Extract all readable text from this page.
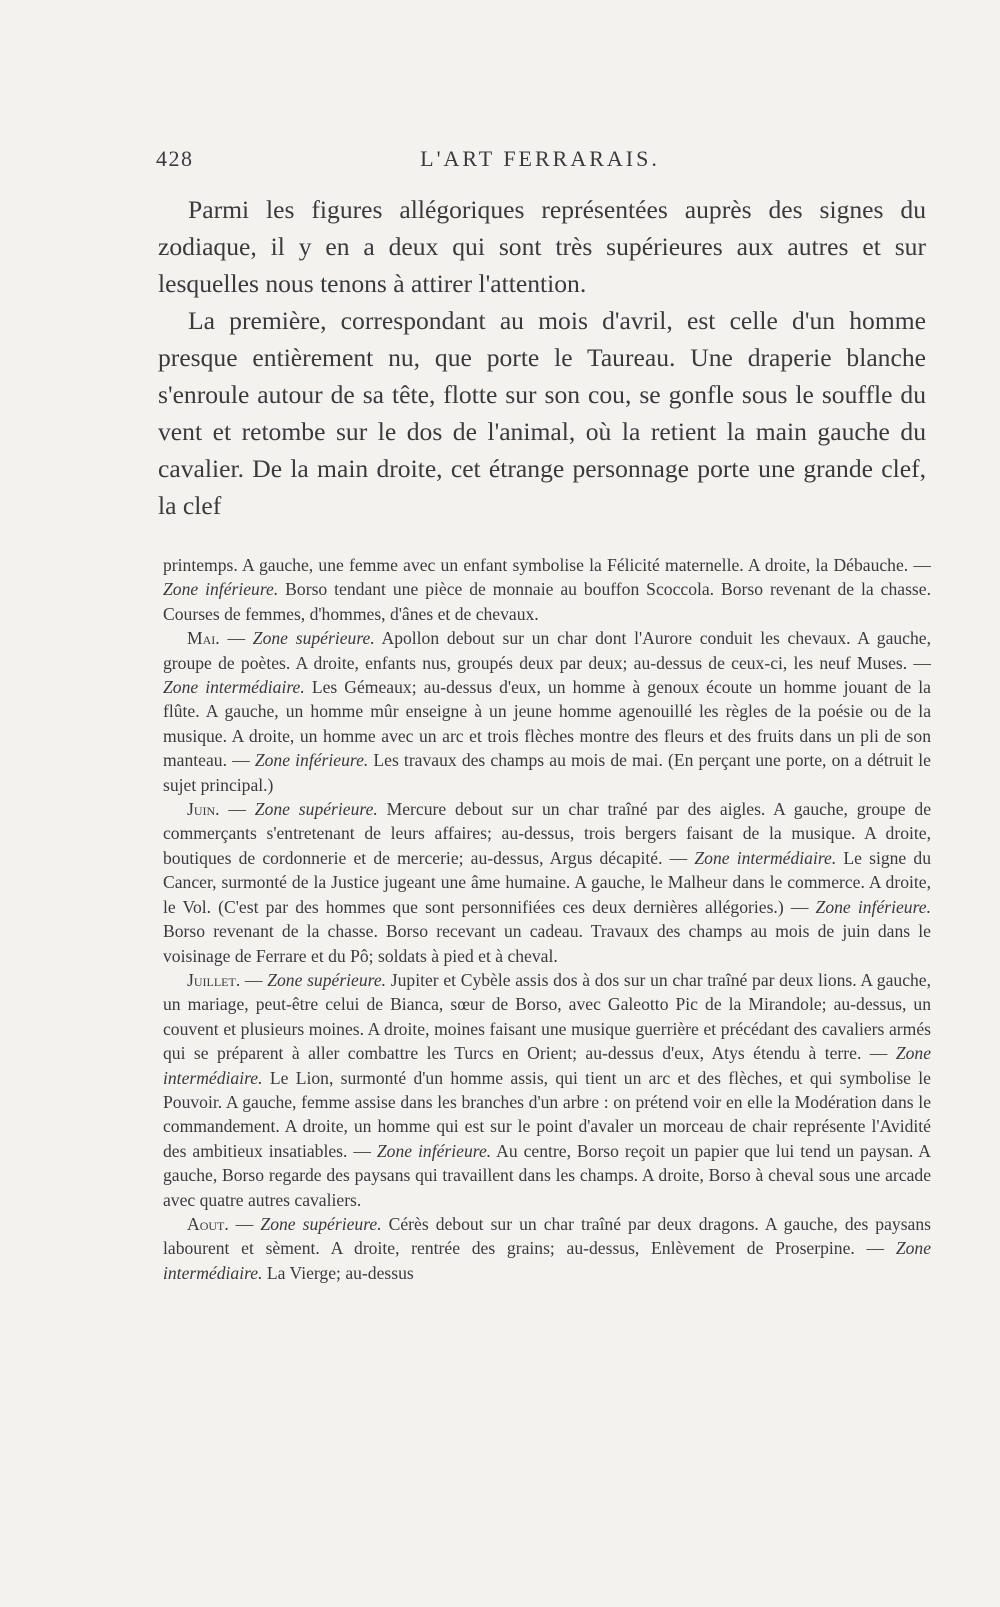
428	L'ART FERRARAIS.

Parmi les figures allégoriques représentées auprès des signes du zodiaque, il y en a deux qui sont très supérieures aux autres et sur lesquelles nous tenons à attirer l'attention.

La première, correspondant au mois d'avril, est celle d'un homme presque entièrement nu, que porte le Taureau. Une draperie blanche s'enroule autour de sa tête, flotte sur son cou, se gonfle sous le souffle du vent et retombe sur le dos de l'animal, où la retient la main gauche du cavalier. De la main droite, cet étrange personnage porte une grande clef, la clef

printemps. A gauche, une femme avec un enfant symbolise la Félicité maternelle. A droite, la Débauche. — Zone inférieure. Borso tendant une pièce de monnaie au bouffon Scoccola. Borso revenant de la chasse. Courses de femmes, d'hommes, d'ânes et de chevaux.

Mai. — Zone supérieure. Apollon debout sur un char dont l'Aurore conduit les chevaux. A gauche, groupe de poètes. A droite, enfants nus, groupés deux par deux; au-dessus de ceux-ci, les neuf Muses. — Zone intermédiaire. Les Gémeaux; au-dessus d'eux, un homme à genoux écoute un homme jouant de la flûte. A gauche, un homme mûr enseigne à un jeune homme agenouillé les règles de la poésie ou de la musique. A droite, un homme avec un arc et trois flèches montre des fleurs et des fruits dans un pli de son manteau. — Zone inférieure. Les travaux des champs au mois de mai. (En perçant une porte, on a détruit le sujet principal.)

Juin. — Zone supérieure. Mercure debout sur un char traîné par des aigles. A gauche, groupe de commerçants s'entretenant de leurs affaires; au-dessus, trois bergers faisant de la musique. A droite, boutiques de cordonnerie et de mercerie; au-dessus, Argus décapité. — Zone intermédiaire. Le signe du Cancer, surmonté de la Justice jugeant une âme humaine. A gauche, le Malheur dans le commerce. A droite, le Vol. (C'est par des hommes que sont personnifiées ces deux dernières allégories.) — Zone inférieure. Borso revenant de la chasse. Borso recevant un cadeau. Travaux des champs au mois de juin dans le voisinage de Ferrare et du Pô; soldats à pied et à cheval.

Juillet. — Zone supérieure. Jupiter et Cybèle assis dos à dos sur un char traîné par deux lions. A gauche, un mariage, peut-être celui de Bianca, sœur de Borso, avec Galeotto Pic de la Mirandole; au-dessus, un couvent et plusieurs moines. A droite, moines faisant une musique guerrière et précédant des cavaliers armés qui se préparent à aller combattre les Turcs en Orient; au-dessus d'eux, Atys étendu à terre. — Zone intermédiaire. Le Lion, surmonté d'un homme assis, qui tient un arc et des flèches, et qui symbolise le Pouvoir. A gauche, femme assise dans les branches d'un arbre : on prétend voir en elle la Modération dans le commandement. A droite, un homme qui est sur le point d'avaler un morceau de chair représente l'Avidité des ambitieux insatiables. — Zone inférieure. Au centre, Borso reçoit un papier que lui tend un paysan. A gauche, Borso regarde des paysans qui travaillent dans les champs. A droite, Borso à cheval sous une arcade avec quatre autres cavaliers.

Aout. — Zone supérieure. Cérès debout sur un char traîné par deux dragons. A gauche, des paysans labourent et sèment. A droite, rentrée des grains; au-dessus, Enlèvement de Proserpine. — Zone intermédiaire. La Vierge; au-dessus
